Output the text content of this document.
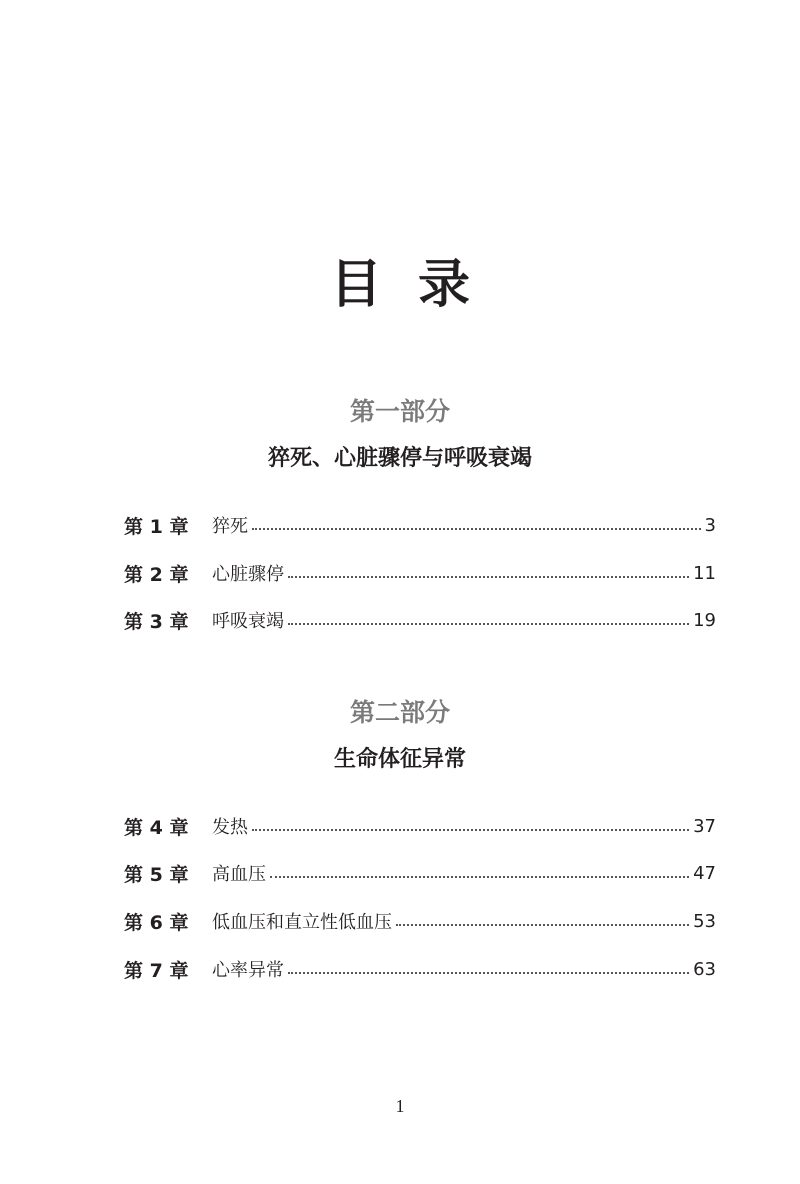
目录
第一部分
猝死、心脏骤停与呼吸衰竭
第 1 章	猝死	3
第 2 章	心脏骤停	11
第 3 章	呼吸衰竭	19
第二部分
生命体征异常
第 4 章	发热	37
第 5 章	高血压	47
第 6 章	低血压和直立性低血压	53
第 7 章	心率异常	63
1
